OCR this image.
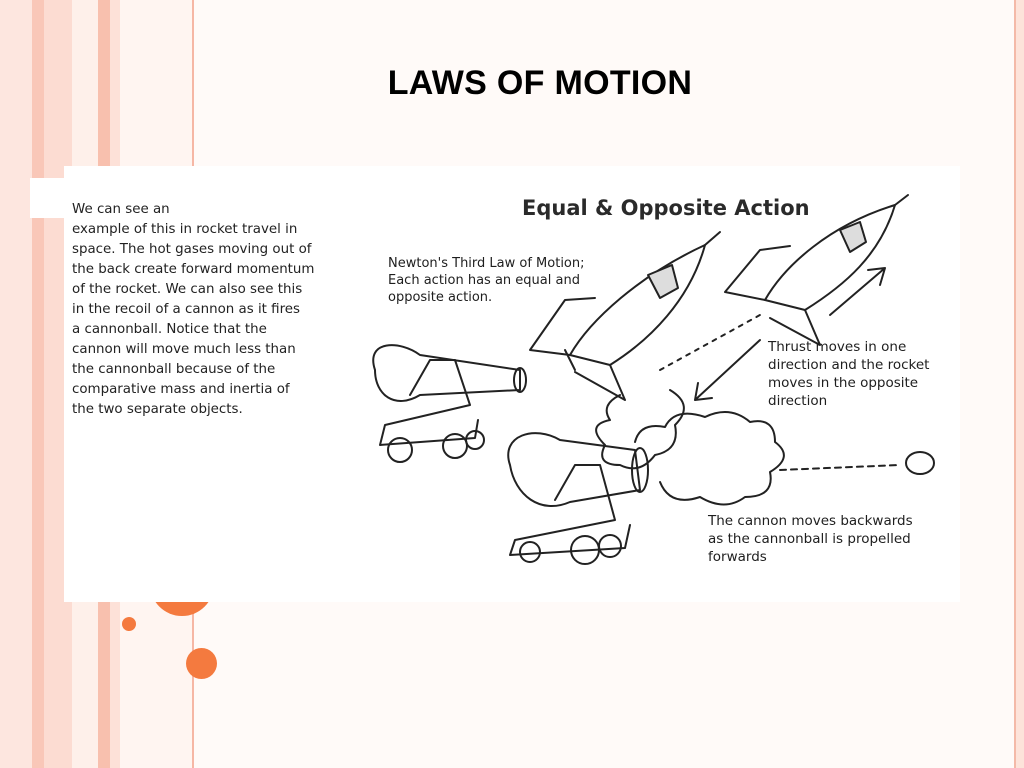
LAWS OF MOTION
We can see an
example of this in rocket travel in
space. The hot gases moving out of
the back create forward momentum
of the rocket. We can also see this
in the recoil of a cannon as it fires
a cannonball. Notice that the
cannon will move much less than
the cannonball because of the
comparative mass and inertia of
the two separate objects.
Equal & Opposite Action
Newton's Third Law of Motion;
Each action has an equal and
opposite action.
Thrust moves in one
direction and the rocket
moves in the opposite
direction
The cannon moves backwards
as the cannonball is propelled
forwards
